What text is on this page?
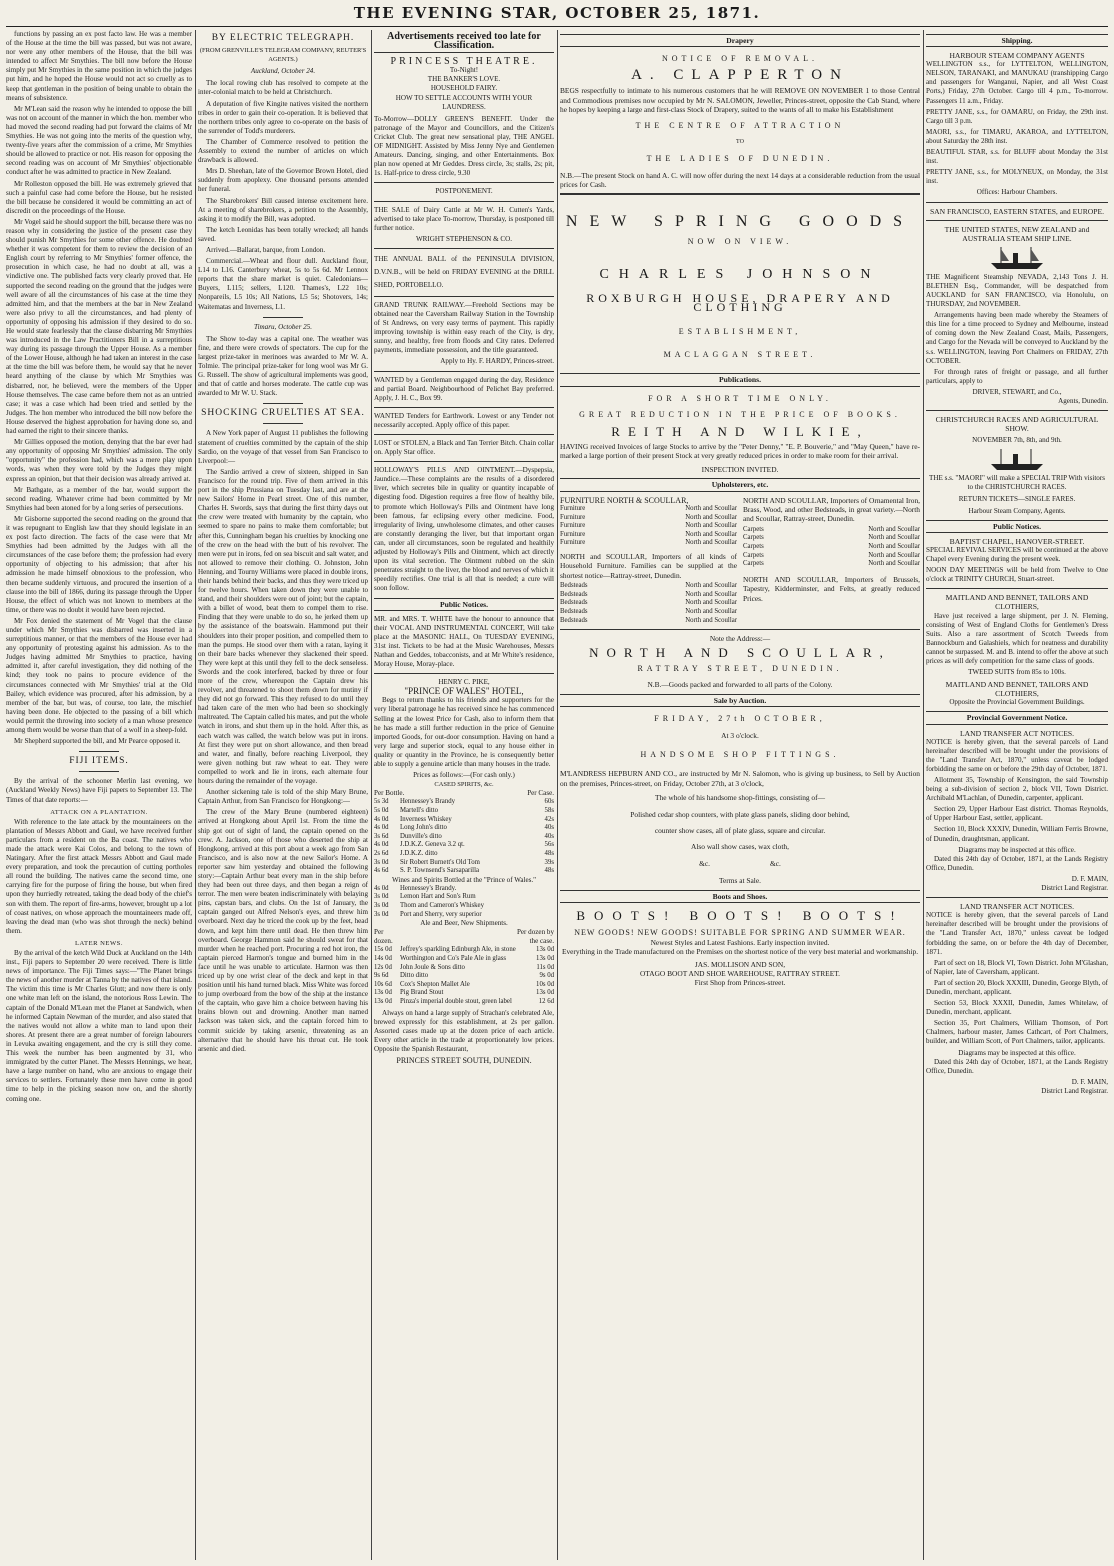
THE EVENING STAR, OCTOBER 25, 1871.

functions by passing an ex post facto law. He was a member of the House at the time the bill was passed, but was not aware, nor were any other members of the House, that the bill was intended to affect Mr Smythies. The bill now before the House simply put Mr Smythies in the same position in which the judges put him, and he hoped the House would not act so cruelly as to keep that gentleman in the position of being unable to obtain the means of subsistence.

Mr M'Lean said the reason why he intended to oppose the bill was not on account of the manner in which the hon. member who had moved the second reading had put forward the claims of Mr Smythies. He was not going into the merits of the question why, twenty-five years after the commission of a crime, Mr Smythies should be allowed to practice or not. His reason for opposing the second reading was on account of Mr Smythies' objectionable conduct after he was admitted to practice in New Zealand.

Mr Rolleston opposed the bill. He was extremely grieved that such a painful case had come before the House, but he resisted the bill because he considered it would be committing an act of discredit on the proceedings of the House.

Mr Vogel said he should support the bill, because there was no reason why in considering the justice of the present case they should punish Mr Smythies for some other offence. He doubted whether it was competent for them to review the decision of an English court by referring to Mr Smythies' former offence, the prosecution in which case, he had no doubt at all, was a vindictive one. The published facts very clearly proved that. He supported the second reading on the ground that the judges were well aware of all the circumstances of his case at the time they admitted him, and that the members at the bar in New Zealand were also privy to all the circumstances, and had plenty of opportunity of opposing his admission if they desired to do so. He would state fearlessly that the clause disbarring Mr Smythies was introduced in the Law Practitioners Bill in a surreptitious way during its passage through the Upper House. As a member of the Lower House, although he had taken an interest in the case at the time the bill was before them, he would say that he never heard anything of the clause by which Mr Smythies was disbarred, nor, he believed, were the members of the Upper House themselves. The case came before them not as an untried case; it was a case which had been tried and settled by the Judges. The hon member who introduced the bill now before the House deserved the highest approbation for having done so, and had earned the right to their sincere thanks.

Mr Gillies opposed the motion, denying that the bar ever had any opportunity of opposing Mr Smythies' admission. The only "opportunity" the profession had, which was a mere play upon words, was when they were told by the Judges they might express an opinion, but that their decision was already arrived at.

Mr Bathgate, as a member of the bar, would support the second reading. Whatever crime had been committed by Mr Smythies had been atoned for by a long series of persecutions.

Mr Gisborne supported the second reading on the ground that it was repugnant to English law that they should legislate in an ex post facto direction. The facts of the case were that Mr Smythies had been admitted by the Judges with all the circumstances of the case before them; the profession had every opportunity of objecting to his admission; that after his admission he made himself obnoxious to the profession, who then became suddenly virtuous, and procured the insertion of a clause into the bill of 1866, during its passage through the Upper House, the effect of which was not known to members at the time, or there was no doubt it would have been rejected.

Mr Fox denied the statement of Mr Vogel that the clause under which Mr Smythies was disbarred was inserted in a surreptitious manner, or that the members of the House ever had any opportunity of protesting against his admission. As to the Judges having admitted Mr Smythies to practice, having admitted it, after careful investigation, they did nothing of the kind; they took no pains to procure evidence of the circumstances connected with Mr Smythies' trial at the Old Bailey, which evidence was procured, after his admission, by a member of the bar, but was, of course, too late, the mischief having been done. He objected to the passing of a bill which would permit the throwing into society of a man whose presence among them would be worse than that of a wolf in a sheep-fold.

Mr Shepherd supported the bill, and Mr Pearce opposed it.

FIJI ITEMS.

By the arrival of the schooner Merlin last evening, we (Auckland Weekly News) have Fiji papers to September 13. The Times of that date reports:—

ATTACK ON A PLANTATION.

With reference to the late attack by the mountaineers on the plantation of Messrs Abbott and Gaul, we have received further particulars from a resident on the Ba coast. The natives who made the attack were Kai Colos, and belong to the town of Natingary. After the first attack Messrs Abbott and Gaul made every preparation, and took the precaution of cutting portholes all round the building. The natives came the second time, one carrying fire for the purpose of firing the house, but when fired upon they hurriedly retreated, taking the dead body of the chief's son with them. The report of fire-arms, however, brought up a lot of coast natives, on whose approach the mountaineers made off, leaving the dead man (who was shot through the neck) behind them.

LATER NEWS.

By the arrival of the ketch Wild Duck at Auckland on the 14th inst., Fiji papers to September 20 were received. There is little news of importance. The Fiji Times says:—"The Planet brings the news of another murder at Tanna by the natives of that island. The victim this time is Mr Charles Glutt; and now there is only one white man left on the island, the notorious Ross Lewin. The captain of the Donald M'Lean met the Planet at Sandwich, when he informed Captain Newman of the murder, and also stated that the natives would not allow a white man to land upon their shores. At present there are a great number of foreign labourers in Levuka awaiting engagement, and the cry is still they come. This week the number has been augmented by 31, who immigrated by the cutter Planet. The Messrs Hennings, we hear, have a large number on hand, who are anxious to engage their services to settlers. Fortunately these men have come in good time to help in the picking season now on, and the shortly coming one.

BY ELECTRIC TELEGRAPH.
(FROM GRENVILLE'S TELEGRAM COMPANY, REUTER'S AGENTS.)
Auckland, October 24.

The local rowing club has resolved to compete at the inter-colonial match to be held at Christchurch.

A deputation of five Kingite natives visited the northern tribes in order to gain their co-operation. It is believed that the northern tribes only agree to co-operate on the basis of the surrender of Todd's murderers.

The Chamber of Commerce resolved to petition the Assembly to extend the number of articles on which drawback is allowed.

Mrs D. Sheehan, late of the Governor Brown Hotel, died suddenly from apoplexy. One thousand persons attended her funeral.

The Sharebrokers' Bill caused intense excitement here. At a meeting of sharebrokers, a petition to the Assembly, asking it to modify the Bill, was adopted.

The ketch Leonidas has been totally wrecked; all hands saved.

Arrived.—Ballarat, barque, from London.

Commercial.—Wheat and flour dull. Auckland flour, L14 to L16. Canterbury wheat, 5s to 5s 6d. Mr Lennox reports that the share market is quiet. Caledonians—Buyers, L115; sellers, L120. Thames's, L22 10s; Nonpareils, L5 10s; All Nations, L5 5s; Shotovers, 14s; Waitematas and Inverness, L1.

Timaru, October 25.

The Show to-day was a capital one. The weather was fine, and there were crowds of spectators. The cup for the largest prize-taker in merinoes was awarded to Mr W. A. Tolmie. The principal prize-taker for long wool was Mr G. G. Russell. The show of agricultural implements was good, and that of cattle and horses moderate. The cattle cup was awarded to Mr W. U. Stack.

SHOCKING CRUELTIES AT SEA.

A New York paper of August 11 publishes the following statement of cruelties committed by the captain of the ship Sardio, on the voyage of that vessel from San Francisco to Liverpool:—

The Sardio arrived a crew of sixteen, shipped in San Francisco for the round trip. Five of them arrived in this port in the ship Prussiana on Tuesday last, and are at the new Sailors' Home in Pearl street. One of this number, Charles H. Swords, says that during the first thirty days out the crew were treated with humanity by the captain, who seemed to spare no pains to make them comfortable; but after this, Cunningham began his cruelties by knocking one of the crew on the head with the butt of his revolver. The men were put in irons, fed on sea biscuit and salt water, and not allowed to remove their clothing. O. Johnston, John Henning, and Tourny Williams were placed in double irons, their hands behind their backs, and thus they were triced up for twelve hours. When taken down they were unable to stand, and their shoulders were out of joint; but the captain, with a billet of wood, beat them to compel them to rise. Finding that they were unable to do so, he jerked them up by the assistance of the boatswain. Hammond put their shoulders into their proper position, and compelled them to man the pumps. He stood over them with a ratan, laying it on their bare backs whenever they slackened their speed. They were kept at this until they fell to the deck senseless. Swords and the cook interfered, backed by three or four more of the crew, whereupon the Captain drew his revolver, and threatened to shoot them down for mutiny if they did not go forward. This they refused to do until they had taken care of the men who had been so shockingly maltreated. The Captain called his mates, and put the whole watch in irons, and shut them up in the hold. After this, as each watch was called, the watch below was put in irons. At first they were put on short allowance, and then bread and water, and finally, before reaching Liverpool, they were given nothing but raw wheat to eat. They were compelled to work and lie in irons, each alternate four hours during the remainder of the voyage.

Another sickening tale is told of the ship Mary Brune, Captain Arthur, from San Francisco for Hongkong:—

The crew of the Mary Brune (numbered eighteen) arrived at Hongkong about April 1st. From the time the ship got out of sight of land, the captain opened on the crew. A. Jackson, one of those who deserted the ship at Hongkong, arrived at this port about a week ago from San Francisco, and is also now at the new Sailor's Home. A reporter saw him yesterday and obtained the following story:—Captain Arthur beat every man in the ship before they had been out three days, and then began a reign of terror. The men were beaten indiscriminately with belaying pins, capstan bars, and clubs. On the 1st of January, the captain ganged out Alfred Nelson's eyes, and threw him overboard. Next day he triced the cook up by the feet, head down, and kept him there until dead. He then threw him overboard. George Hammon said he should sweat for that murder when he reached port. Procuring a red hot iron, the captain pierced Harmon's tongue and burned him in the face until he was unable to articulate. Harmon was then triced up by one wrist clear of the deck and kept in that position until his hand turned black. Miss White was forced to jump overboard from the bow of the ship at the instance of the captain, who gave him a choice between having his brains blown out and drowning. Another man named Jackson was taken sick, and the captain forced him to commit suicide by taking arsenic, threatening as an alternative that he should have his throat cut. He took arsenic and died.

Advertisements received too late for Classification.
PRINCESS THEATRE.
To-Night!
THE BANKER'S LOVE.
HOUSEHOLD FAIRY.
HOW TO SETTLE ACCOUNTS WITH YOUR LAUNDRESS.

To-Morrow—DOLLY GREEN'S BENEFIT. Under the patronage of the Mayor and Councillors, and the Citizen's Cricket Club. The great new sensational play, THE ANGEL OF MIDNIGHT. Assisted by Miss Jenny Nye and Gentlemen Amateurs. Dancing, singing, and other Entertainments. Box plan now opened at Mr Geddes. Dress circle, 3s; stalls, 2s; pit, 1s. Half-price to dress circle, 9.30

POSTPONEMENT.

THE SALE of Dairy Cattle at Mr W. H. Cutten's Yards, advertised to take place To-morrow, Thursday, is postponed till further notice.

WRIGHT STEPHENSON & CO.

THE ANNUAL BALL of the PENINSULA DIVISION, D.V.N.B., will be held on FRIDAY EVENING at the DRILL SHED, PORTOBELLO.

GRAND TRUNK RAILWAY.—Freehold Sections may be obtained near the Caversham Railway Station in the Township of St Andrews, on very easy terms of payment. This rapidly improving township is within easy reach of the City, is dry, sunny, and healthy, free from floods and City rates. Deferred payments, immediate possession, and the title guaranteed.

Apply to Hy. F. HARDY, Princes-street.

WANTED by a Gentleman engaged during the day, Residence and partial Board. Neighbourhood of Pelichet Bay preferred. Apply, J. H. C., Box 99.

WANTED Tenders for Earthwork. Lowest or any Tender not necessarily accepted. Apply office of this paper.

LOST or STOLEN, a Black and Tan Terrier Bitch. Chain collar on. Apply Star office.

HOLLOWAY'S PILLS AND OINTMENT.—Dyspepsia, Jaundice.—These complaints are the results of a disordered liver, which secretes bile in quality or quantity incapable of digesting food. Digestion requires a free flow of healthy bile, to promote which Holloway's Pills and Ointment have long been famous, far eclipsing every other medicine. Food, irregularity of living, unwholesome climates, and other causes are constantly deranging the liver, but that important organ can, under all circumstances, soon be regulated and healthily adjusted by Holloway's Pills and Ointment, which act directly upon its vital secretion. The Ointment rubbed on the skin penetrates straight to the liver, the blood and nerves of which it speedily rectifies. One trial is all that is needed; a cure will soon follow.

Public Notices.

MR. and MRS. T. WHITE have the honour to announce that their VOCAL AND INSTRUMENTAL CONCERT, Will take place at the MASONIC HALL, On TUESDAY EVENING, 31st inst. Tickets to be had at the Music Warehouses, Messrs Nathan and Geddes, tobacconists, and at Mr White's residence, Moray House, Moray-place.

HENRY C. PIKE,
"PRINCE OF WALES" HOTEL,

Begs to return thanks to his friends and supporters for the very liberal patronage he has received since he has commenced Selling at the lowest Price for Cash, also to inform them that he has made a still further reduction in the price of Genuine imported Goods, for out-door consumption. Having on hand a very large and superior stock, equal to any house either in quality or quantity in the Province, he is consequently better able to supply a genuine article than many houses in the trade.

Prices as follows:—(For cash only.)
CASED SPIRITS, &c.
Per Bottle.	Per Case.
5s 3d	Hennessey's Brandy	60s
5s 0d	Martell's ditto	58s
4s 0d	Inverness Whiskey	42s
4s 0d	Long John's ditto	40s
3s 6d	Dunville's ditto	40s
4s 0d	J.D.K.Z. Geneva 3.2 qt.	56s
2s 6d	J.D.K.Z. ditto	48s
3s 0d	Sir Robert Burnett's Old Tom	39s
4s 6d	S. P. Townsend's Sarsaparilla	48s
Wines and Spirits Bottled at the "Prince of Wales."
4s 0d	Hennessey's Brandy.
3s 0d	Lemon Hart and Son's Rum
3s 0d	Thom and Cameron's Whiskey
3s 0d	Port and Sherry, very superior
Ale and Beer, New Shipments.
Per	Per dozen by
dozen.	the case.
15s 0d	Jeffrey's sparkling Edinburgh Ale, in stone	13s 0d
14s 0d	Worthington and Co's Pale Ale in glass	13s 0d
12s 0d	John Joule & Sons ditto	11s 0d
9s 6d	Ditto ditto	9s 0d
10s 6d	Cox's Shepton Mallet Ale	10s 0d
13s 0d	Pig Brand Stout	13s 0d
13s 0d	Pinza's imperial double stout, green label	12 6d

Always on hand a large supply of Strachan's celebrated Ale, brewed expressly for this establishment, at 2s per gallon. Assorted cases made up at the dozen price of each article. Every other article in the trade at proportionately low prices. Opposite the Spanish Restaurant,

PRINCES STREET SOUTH, DUNEDIN.
Drapery
NOTICE OF REMOVAL.
A. CLAPPERTON

BEGS respectfully to intimate to his numerous customers that he will REMOVE ON NOVEMBER 1 to those Central and Commodious premises now occupied by Mr N. SALOMON, Jeweller, Princes-street, opposite the Cab Stand, where he hopes by keeping a large and first-class Stock of Drapery, suited to the wants of all to make his Establishment

THE CENTRE OF ATTRACTION
TO
THE LADIES OF DUNEDIN.

N.B.—The present Stock on hand A. C. will now offer during the next 14 days at a considerable reduction from the usual prices for Cash.

NEW SPRING GOODS
NOW ON VIEW.
CHARLES JOHNSON
ROXBURGH HOUSE, DRAPERY AND CLOTHING
ESTABLISHMENT,
MACLAGGAN STREET.
Publications.
FOR A SHORT TIME ONLY.
GREAT REDUCTION IN THE PRICE OF BOOKS.
REITH AND WILKIE,

HAVING received Invoices of large Stocks to arrive by the "Peter Denny," "E. P. Bouverie," and "May Queen," have re-marked a large portion of their present Stock at very greatly reduced prices in order to make room for their arrival.

INSPECTION INVITED.
Upholsterers, etc.
FURNITURE NORTH & SCOULLAR,
Furniture	North and Scoullar
Furniture	North and Scoullar
Furniture	North and Scoullar
Furniture	North and Scoullar
Furniture	North and Scoullar

NORTH and SCOULLAR, Importers of all kinds of Household Furniture. Families can be supplied at the shortest notice—Rattray-street, Dunedin.

Bedsteads	North and Scoullar
Bedsteads	North and Scoullar
Bedsteads	North and Scoullar
Bedsteads	North and Scoullar
Bedsteads	North and Scoullar

NORTH AND SCOULLAR, Importers of Ornamental Iron, Brass, Wood, and other Bedsteads, in great variety.—North and Scoullar, Rattray-street, Dunedin.

Carpets	North and Scoullar
Carpets	North and Scoullar
Carpets	North and Scoullar
Carpets	North and Scoullar
Carpets	North and Scoullar

NORTH AND SCOULLAR, Importers of Brussels, Tapestry, Kidderminster, and Felts, at greatly reduced Prices.

Note the Address:—
NORTH AND SCOULLAR,
RATTRAY STREET, DUNEDIN.
N.B.—Goods packed and forwarded to all parts of the Colony.
Sale by Auction.
FRIDAY, 27th OCTOBER,
At 3 o'clock.
HANDSOME SHOP FITTINGS.

M'LANDRESS HEPBURN AND CO., are instructed by Mr N. Salomon, who is giving up business, to Sell by Auction on the premises, Princes-street, on Friday, October 27th, at 3 o'clock,

The whole of his handsome shop-fittings, consisting of—
Polished cedar shop counters, with plate glass panels, sliding door behind,
counter show cases, all of plate glass, square and circular.
Also wall show cases, wax cloth,
&c.	&c.
Terms at Sale.
Boots and Shoes.
BOOTS! BOOTS! BOOTS!
NEW GOODS! NEW GOODS! SUITABLE FOR SPRING AND SUMMER WEAR.
Newest Styles and Latest Fashions. Early inspection invited.
Everything in the Trade manufactured on the Premises on the shortest notice of the very best material and workmanship.
JAS. MOLLISON AND SON,
OTAGO BOOT AND SHOE WAREHOUSE, RATTRAY STREET.
First Shop from Princes-street.
Shipping.
HARBOUR STEAM COMPANY AGENTS

WELLINGTON s.s., for LYTTELTON, WELLINGTON, NELSON, TARANAKI, and MANUKAU (transhipping Cargo and passengers for Wanganui, Napier, and all West Coast Ports,) Friday, 27th October. Cargo till 4 p.m., To-morrow. Passengers 11 a.m., Friday.

PRETTY JANE, s.s., for OAMARU, on Friday, the 29th inst. Cargo till 3 p.m.

MAORI, s.s., for TIMARU, AKAROA, and LYTTELTON, about Saturday the 28th inst.

BEAUTIFUL STAR, s.s. for BLUFF about Monday the 31st inst.

PRETTY JANE, s.s., for MOLYNEUX, on Monday, the 31st inst.

Offices: Harbour Chambers.
SAN FRANCISCO, EASTERN STATES, and EUROPE.
THE UNITED STATES, NEW ZEALAND and AUSTRALIA STEAM SHIP LINE.

THE Magnificent Steamship NEVADA, 2,143 Tons J. H. BLETHEN Esq., Commander, will be despatched from AUCKLAND for SAN FRANCISCO, via Honolulu, on THURSDAY, 2nd NOVEMBER.

Arrangements having been made whereby the Steamers of this line for a time proceed to Sydney and Melbourne, instead of coming down the New Zealand Coast, Mails, Passengers, and Cargo for the Nevada will be conveyed to Auckland by the s.s. WELLINGTON, leaving Port Chalmers on FRIDAY, 27th OCTOBER.

For through rates of freight or passage, and all further particulars, apply to

DRIVER, STEWART, and Co.,
Agents, Dunedin.
CHRISTCHURCH RACES AND AGRICULTURAL SHOW.
NOVEMBER 7th, 8th, and 9th.

THE s.s. "MAORI" will make a SPECIAL TRIP With visitors to the CHRISTCHURCH RACES.

RETURN TICKETS—SINGLE FARES.
Harbour Steam Company, Agents.
Public Notices.
BAPTIST CHAPEL, HANOVER-STREET.

SPECIAL REVIVAL SERVICES will be continued at the above Chapel every Evening during the present week.

NOON DAY MEETINGS will be held from Twelve to One o'clock at TRINITY CHURCH, Stuart-street.

MAITLAND AND BENNET, TAILORS AND CLOTHIERS,

Have just received a large shipment, per J. N. Fleming, consisting of West of England Cloths for Gentlemen's Dress Suits. Also a rare assortment of Scotch Tweeds from Bannockburn and Galashiels, which for neatness and durability cannot be surpassed. M. and B. intend to offer the above at such prices as will defy competition for the same class of goods.

TWEED SUITS from 85s to 100s.
MAITLAND AND BENNET, TAILORS AND CLOTHIERS,
Opposite the Provincial Government Buildings.
Provincial Government Notice.
LAND TRANSFER ACT NOTICES.

NOTICE is hereby given, that the several parcels of Land hereinafter described will be brought under the provisions of the "Land Transfer Act, 1870," unless caveat be lodged forbidding the same on or before the 29th day of October, 1871.

Allotment 35, Township of Kensington, the said Township being a sub-division of section 2, block VII, Town District. Archibald M'Lachlan, of Dunedin, carpenter, applicant.

Section 29, Upper Harbour East district. Thomas Reynolds, of Upper Harbour East, settler, applicant.

Section 10, Block XXXIV, Dunedin, William Ferris Browne, of Dunedin, draughtsman, applicant.

Diagrams may be inspected at this office.

Dated this 24th day of October, 1871, at the Lands Registry Office, Dunedin.

D. F. MAIN,
District Land Registrar.
LAND TRANSFER ACT NOTICES.

NOTICE is hereby given, that the several parcels of Land hereinafter described will be brought under the provisions of the "Land Transfer Act, 1870," unless caveat be lodged forbidding the same, on or before the 4th day of December, 1871.

Part of sect on 18, Block VI, Town District. John M'Glashan, of Napier, late of Caversham, applicant.

Part of section 20, Block XXXIII, Dunedin, George Blyth, of Dunedin, merchant, applicant.

Section 53, Block XXXII, Dunedin, James Whitelaw, of Dunedin, merchant, applicant.

Section 35, Port Chalmers, William Thomson, of Port Chalmers, harbour master, James Cathcart, of Port Chalmers, builder, and William Scott, of Port Chalmers, tailor, applicants.

Diagrams may be inspected at this office.

Dated this 24th day of October, 1871, at the Lands Registry Office, Dunedin.

D. F. MAIN,
District Land Registrar.
